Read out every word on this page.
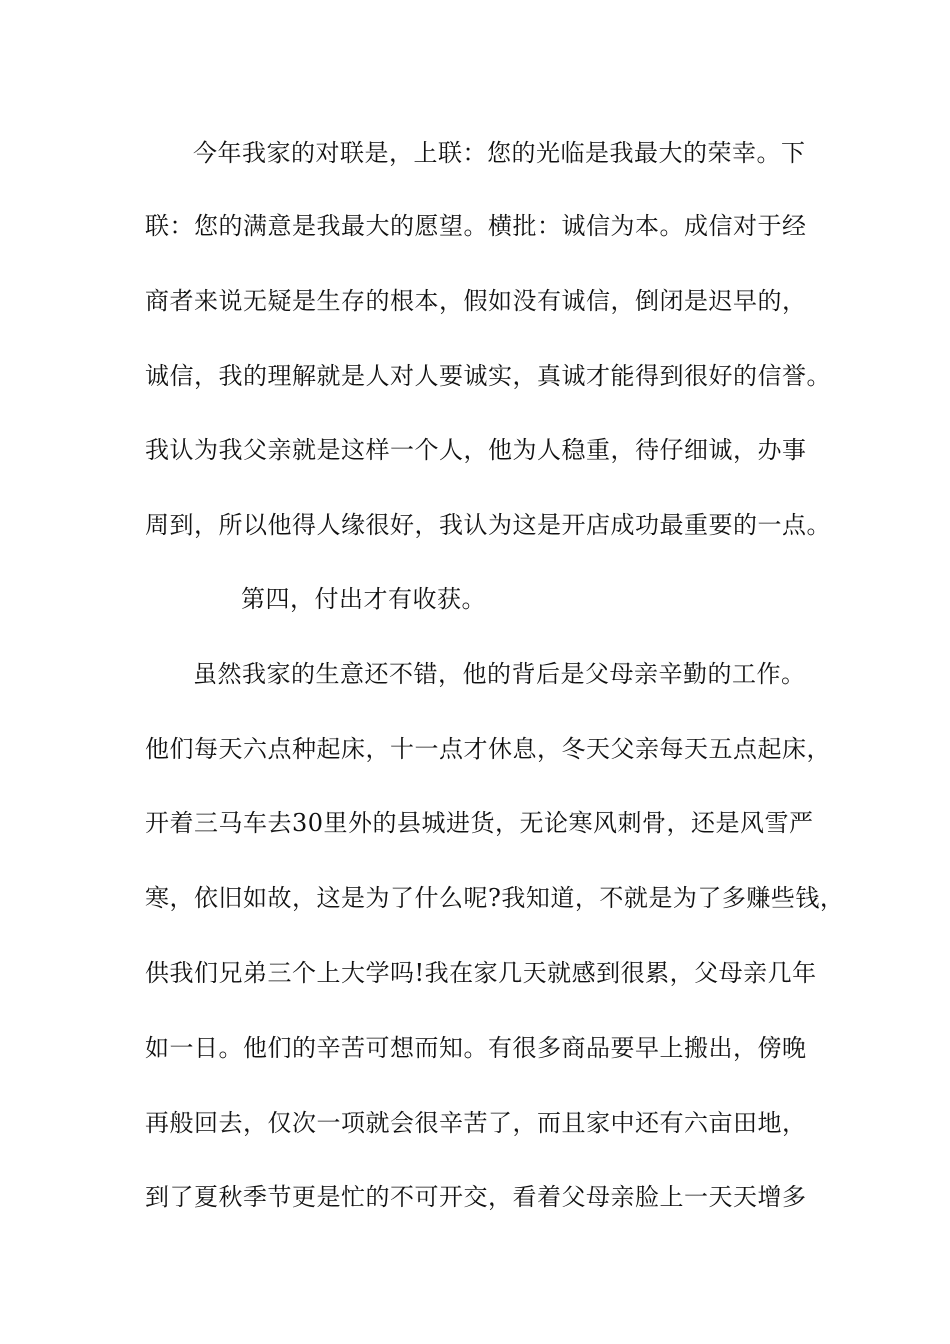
今年我家的对联是，上联：您的光临是我最大的荣幸。下
联：您的满意是我最大的愿望。横批：诚信为本。成信对于经
商者来说无疑是生存的根本，假如没有诚信，倒闭是迟早的，
诚信，我的理解就是人对人要诚实，真诚才能得到很好的信誉。
我认为我父亲就是这样一个人，他为人稳重，待仔细诚，办事
周到，所以他得人缘很好，我认为这是开店成功最重要的一点。
第四，付出才有收获。
虽然我家的生意还不错，他的背后是父母亲辛勤的工作。
他们每天六点种起床，十一点才休息，冬天父亲每天五点起床，
开着三马车去30里外的县城进货，无论寒风刺骨，还是风雪严
寒，依旧如故，这是为了什么呢?我知道，不就是为了多赚些钱，
供我们兄弟三个上大学吗!我在家几天就感到很累，父母亲几年
如一日。他们的辛苦可想而知。有很多商品要早上搬出，傍晚
再般回去，仅次一项就会很辛苦了，而且家中还有六亩田地，
到了夏秋季节更是忙的不可开交，看着父母亲脸上一天天增多
